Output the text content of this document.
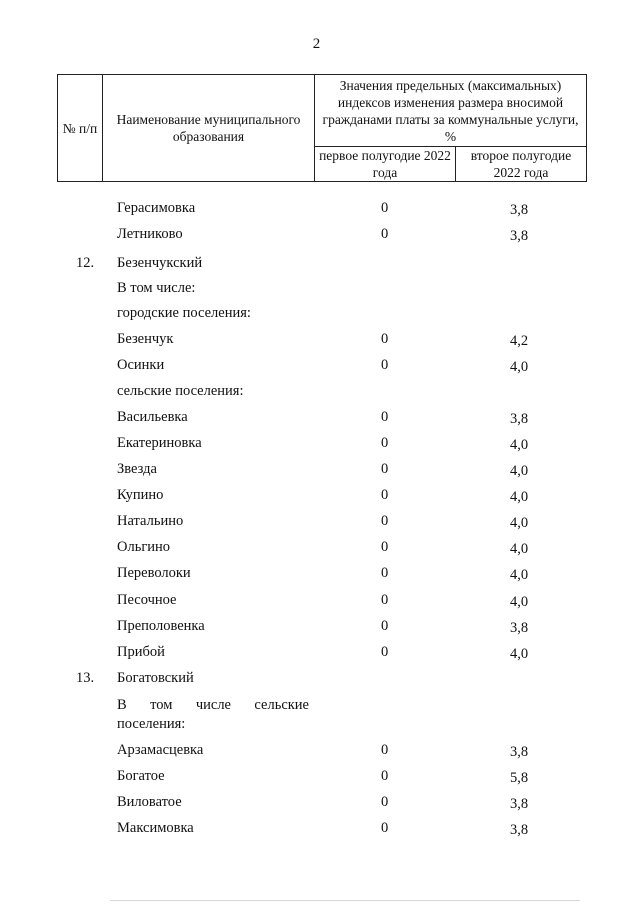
2
№ п/п	Наименование муниципального образования	Значения предельных (максимальных) индексов изменения размера вносимой гражданами платы за коммунальные услуги, %	
		первое полугодие 2022 года	второе полугодие 2022 года
Герасимовка	0	3,8
Летниково	0	3,8
12. Безенчукский
В том числе:
городские поселения:
Безенчук	0	4,2
Осинки	0	4,0
сельские поселения:
Васильевка	0	3,8
Екатериновка	0	4,0
Звезда	0	4,0
Купино	0	4,0
Натальино	0	4,0
Ольгино	0	4,0
Переволоки	0	4,0
Песочное	0	4,0
Преполовенка	0	3,8
Прибой	0	4,0
13. Богатовский
В том числе сельские поселения:
Арзамасцевка	0	3,8
Богатое	0	5,8
Виловатое	0	3,8
Максимовка	0	3,8
